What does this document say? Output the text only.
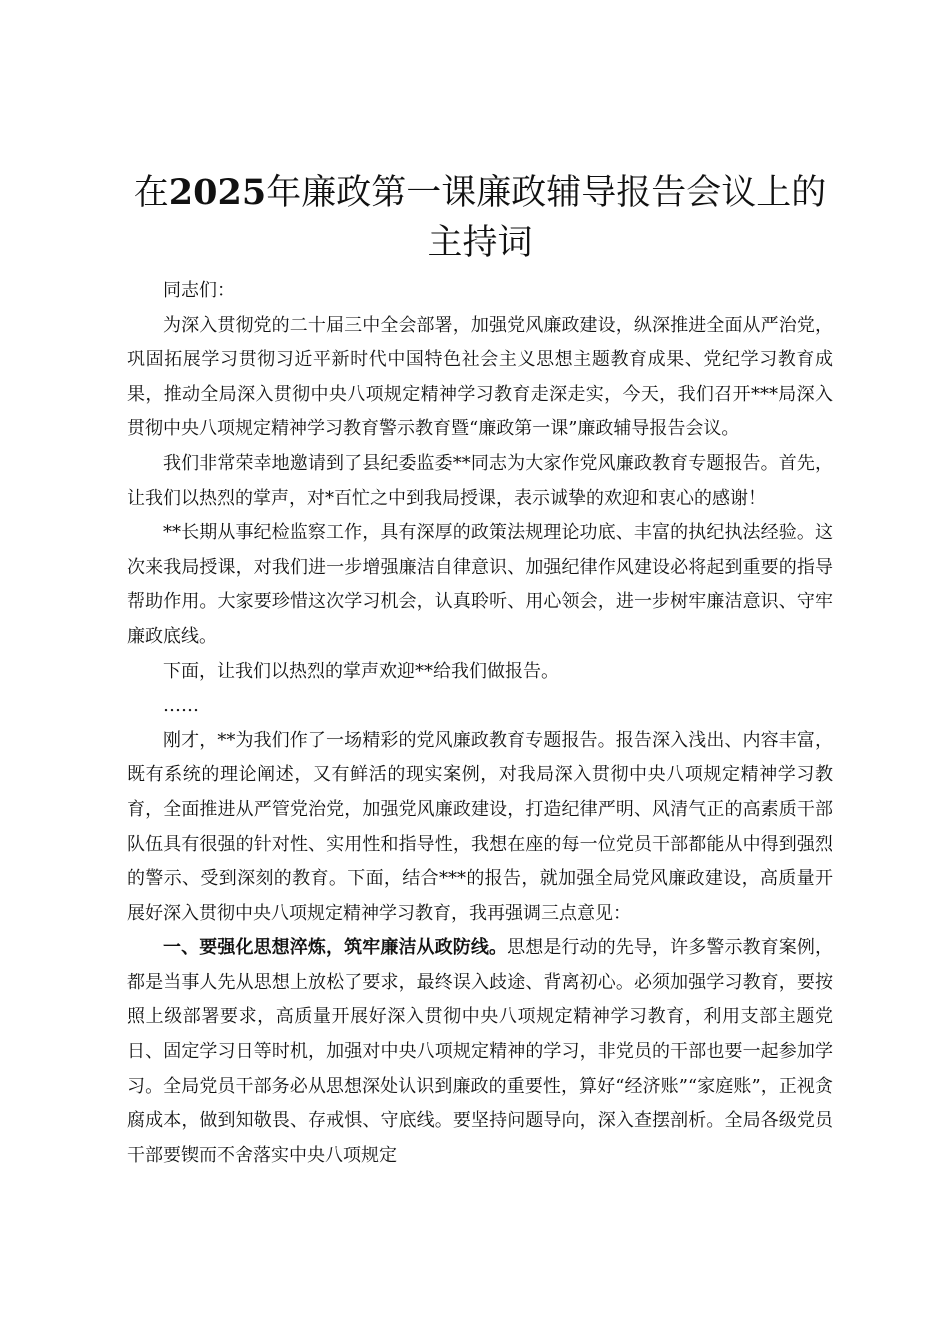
在2025年廉政第一课廉政辅导报告会议上的
主持词

同志们：

为深入贯彻党的二十届三中全会部署，加强党风廉政建设，纵深推进全面从严治党，巩固拓展学习贯彻习近平新时代中国特色社会主义思想主题教育成果、党纪学习教育成果，推动全局深入贯彻中央八项规定精神学习教育走深走实，今天，我们召开***局深入贯彻中央八项规定精神学习教育警示教育暨“廉政第一课”廉政辅导报告会议。

我们非常荣幸地邀请到了县纪委监委**同志为大家作党风廉政教育专题报告。首先，让我们以热烈的掌声，对*百忙之中到我局授课，表示诚挚的欢迎和衷心的感谢！

**长期从事纪检监察工作，具有深厚的政策法规理论功底、丰富的执纪执法经验。这次来我局授课，对我们进一步增强廉洁自律意识、加强纪律作风建设必将起到重要的指导帮助作用。大家要珍惜这次学习机会，认真聆听、用心领会，进一步树牢廉洁意识、守牢廉政底线。

下面，让我们以热烈的掌声欢迎**给我们做报告。

……

刚才，**为我们作了一场精彩的党风廉政教育专题报告。报告深入浅出、内容丰富，既有系统的理论阐述，又有鲜活的现实案例，对我局深入贯彻中央八项规定精神学习教育，全面推进从严管党治党，加强党风廉政建设，打造纪律严明、风清气正的高素质干部队伍具有很强的针对性、实用性和指导性，我想在座的每一位党员干部都能从中得到强烈的警示、受到深刻的教育。下面，结合***的报告，就加强全局党风廉政建设，高质量开展好深入贯彻中央八项规定精神学习教育，我再强调三点意见：

一、要强化思想淬炼，筑牢廉洁从政防线。思想是行动的先导，许多警示教育案例，都是当事人先从思想上放松了要求，最终误入歧途、背离初心。必须加强学习教育，要按照上级部署要求，高质量开展好深入贯彻中央八项规定精神学习教育，利用支部主题党日、固定学习日等时机，加强对中央八项规定精神的学习，非党员的干部也要一起参加学习。全局党员干部务必从思想深处认识到廉政的重要性，算好“经济账”“家庭账”，正视贪腐成本，做到知敬畏、存戒惧、守底线。要坚持问题导向，深入查摆剖析。全局各级党员干部要锲而不舍落实中央八项规定
